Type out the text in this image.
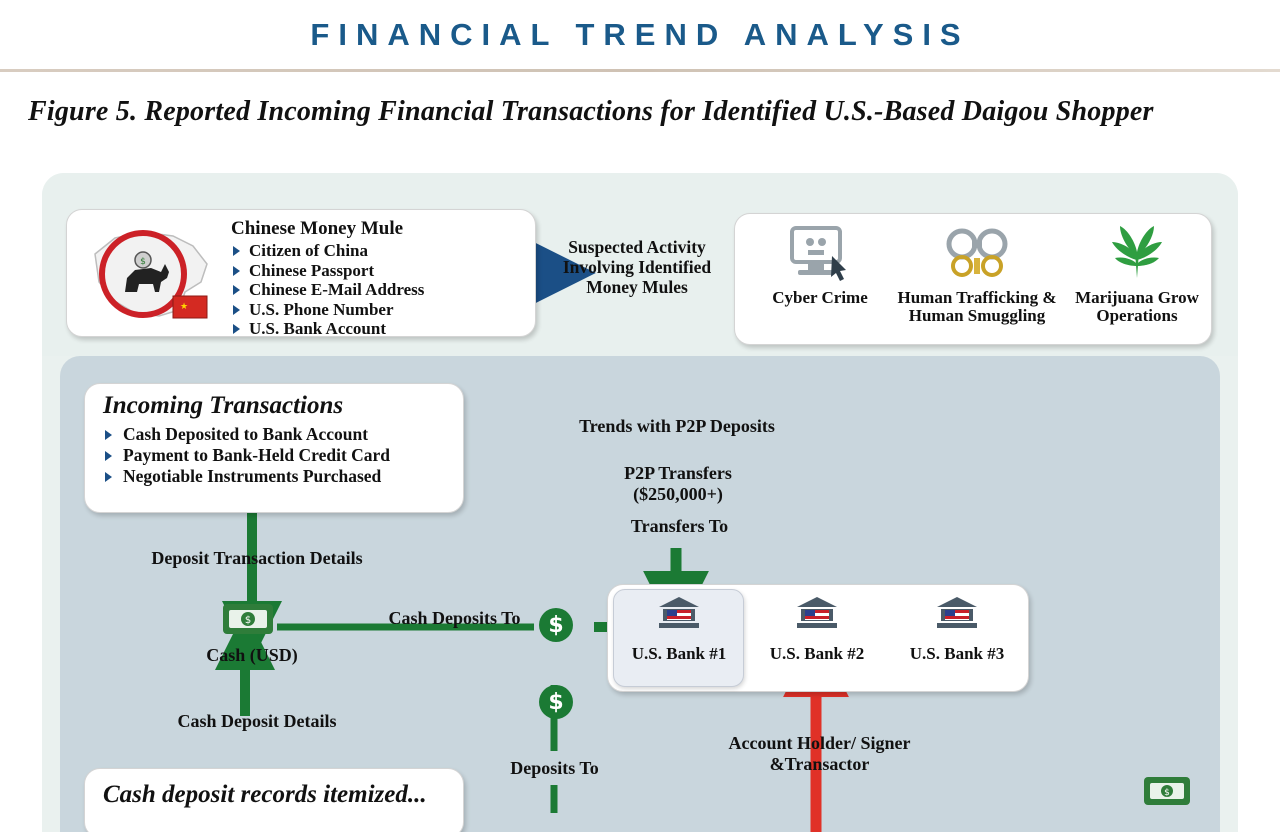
FINANCIAL TREND ANALYSIS
Figure 5. Reported Incoming Financial Transactions for Identified U.S.-Based Daigou Shopper
$
★
Chinese Money Mule
Citizen of China
Chinese Passport
Chinese E-Mail Address
U.S. Phone Number
U.S. Bank Account
Suspected Activity Involving Identified Money Mules
Cyber Crime	Human Trafficking & Human Smuggling
Marijuana Grow Operations
Incoming Transactions
Cash Deposited to Bank Account
Payment to Bank-Held Credit Card
Negotiable Instruments Purchased
Deposit Transaction Details
$
Cash (USD)
Cash Deposits To
Cash Deposit Details
Deposits To
Trends with P2P Deposits
P2P Transfers ($250,000+)
Transfers To
Account Holder/ Signer &Transactor
$
$
U.S. Bank #1	U.S. Bank #2	U.S. Bank #3
Cash deposit records itemized...	$
